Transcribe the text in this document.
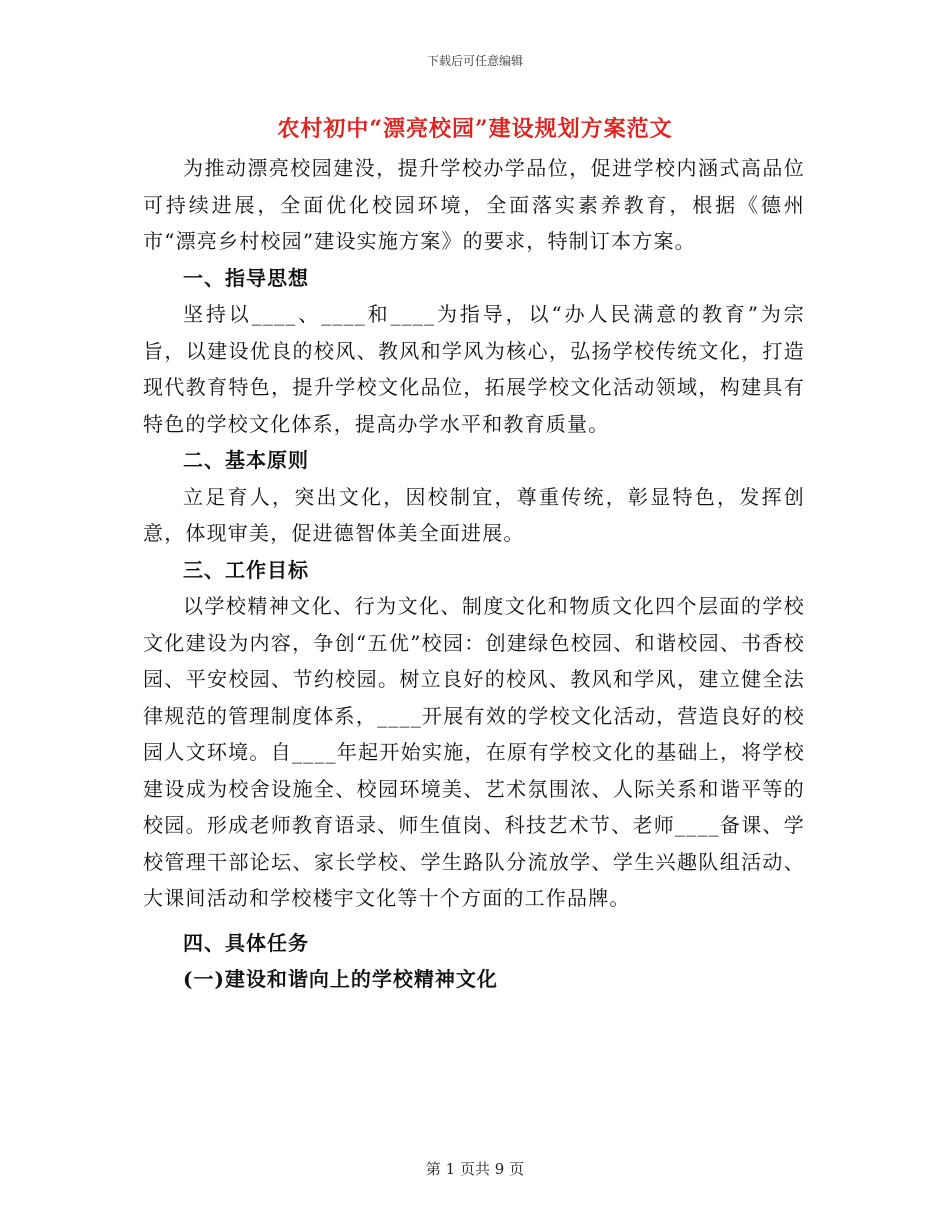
下载后可任意编辑
农村初中“漂亮校园”建设规划方案范文

为推动漂亮校园建没，提升学校办学品位，促进学校内涵式高品位可持续进展，全面优化校园环境，全面落实素养教育，根据《德州市“漂亮乡村校园”建设实施方案》的要求，特制订本方案。

一、指导思想

坚持以____、____和____为指导，以“办人民满意的教育”为宗旨，以建设优良的校风、教风和学风为核心，弘扬学校传统文化，打造现代教育特色，提升学校文化品位，拓展学校文化活动领域，构建具有特色的学校文化体系，提高办学水平和教育质量。

二、基本原则

立足育人，突出文化，因校制宜，尊重传统，彰显特色，发挥创意，体现审美，促进德智体美全面进展。

三、工作目标

以学校精神文化、行为文化、制度文化和物质文化四个层面的学校文化建设为内容，争创“五优”校园：创建绿色校园、和谐校园、书香校园、平安校园、节约校园。树立良好的校风、教风和学风，建立健全法律规范的管理制度体系，____开展有效的学校文化活动，营造良好的校园人文环境。自____年起开始实施，在原有学校文化的基础上，将学校建设成为校舍设施全、校园环境美、艺术氛围浓、人际关系和谐平等的校园。形成老师教育语录、师生值岗、科技艺术节、老师____备课、学校管理干部论坛、家长学校、学生路队分流放学、学生兴趣队组活动、大课间活动和学校楼宇文化等十个方面的工作品牌。

四、具体任务

(一)建设和谐向上的学校精神文化

第 1 页共 9 页
